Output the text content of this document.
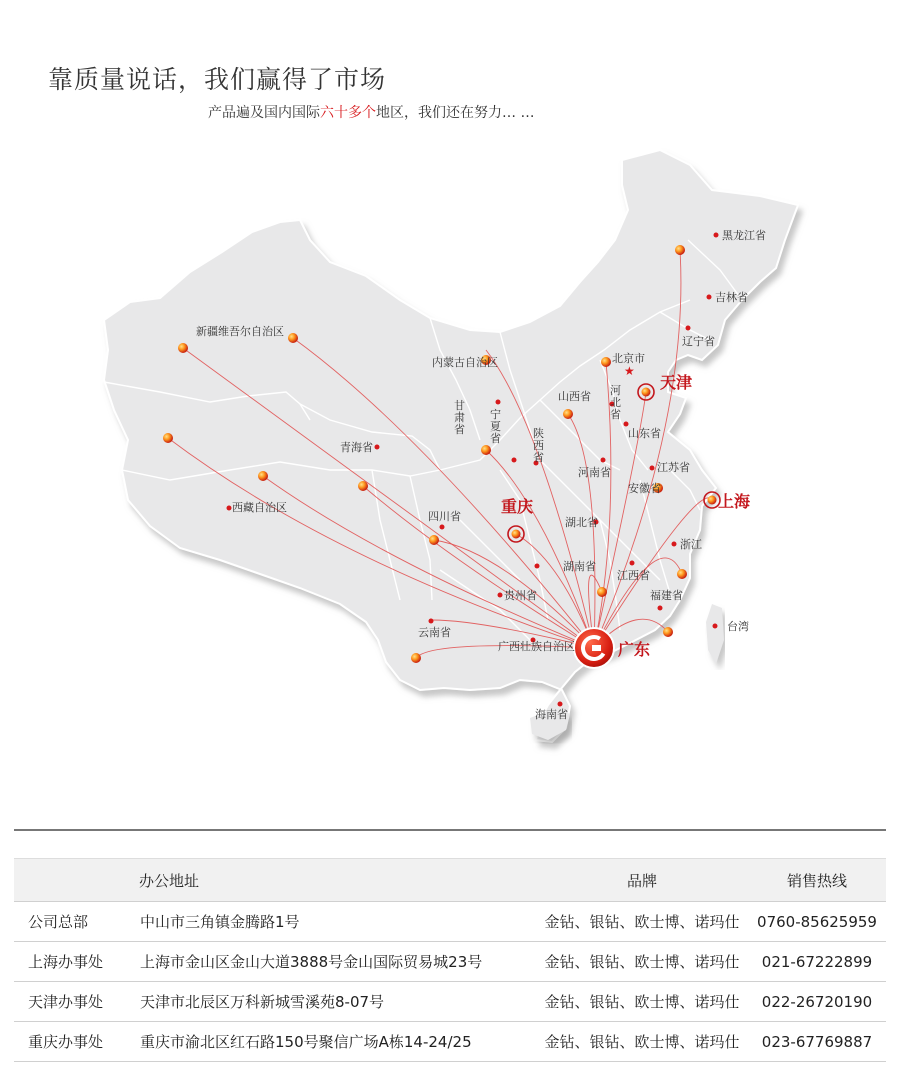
靠质量说话，我们赢得了市场
产品遍及国内国际六十多个地区，我们还在努力… …
★
广东
天津
上海
重庆
黑龙江省
吉林省
辽宁省
内蒙古自治区	北京市
河
北
省
山西省
山东省
新疆维吾尔自治区
青海省
甘
肃
省
宁
夏
省	陕
西
省
河南省	江苏省
安徽省
西藏自治区
四川省	湖北省
浙江
湖南省
江西省
福建省
台湾
贵州省
云南省
广西壮族自治区
海南省
	办公地址	品牌	销售热线
公司总部	中山市三角镇金腾路1号	金钻、银钻、欧士博、诺玛仕	0760-85625959
上海办事处	上海市金山区金山大道3888号金山国际贸易城23号	金钻、银钻、欧士博、诺玛仕	021-67222899
天津办事处	天津市北辰区万科新城雪溪苑8-07号	金钻、银钻、欧士博、诺玛仕	022-26720190
重庆办事处	重庆市渝北区红石路150号聚信广场A栋14-24/25	金钻、银钻、欧士博、诺玛仕	023-67769887
